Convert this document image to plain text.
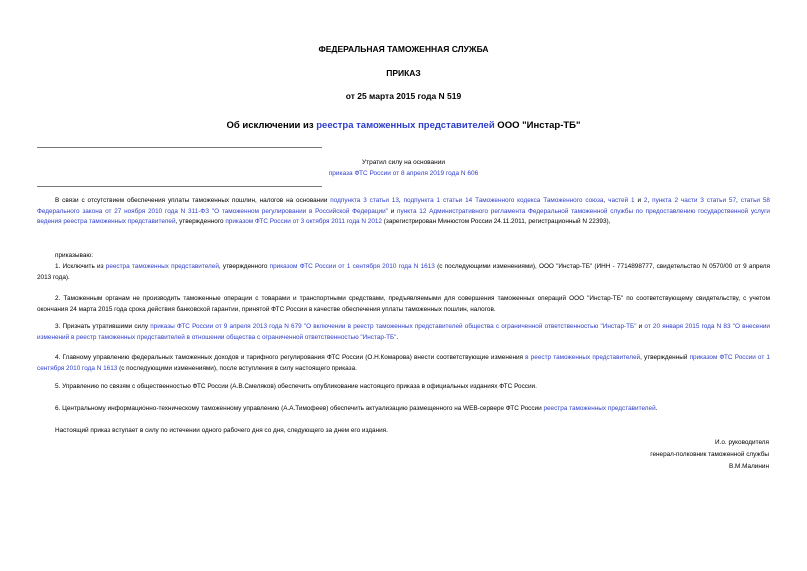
ФЕДЕРАЛЬНАЯ ТАМОЖЕННАЯ СЛУЖБА
ПРИКАЗ
от 25 марта 2015 года N 519
Об исключении из реестра таможенных представителей ООО "Инстар-ТБ"
Утратил силу на основании
приказа ФТС России от 8 апреля 2019 года N 606
В связи с отсутствием обеспечения уплаты таможенных пошлин, налогов на основании подпункта 3 статьи 13, подпункта 1 статьи 14 Таможенного кодекса Таможенного союза, частей 1 и 2, пункта 2 части 3 статьи 57, статьи 58 Федерального закона от 27 ноября 2010 года N 311-ФЗ "О таможенном регулировании в Российской Федерации" и пункта 12 Административного регламента Федеральной таможенной службы по предоставлению государственной услуги ведения реестра таможенных представителей, утвержденного приказом ФТС России от 3 октября 2011 года N 2012 (зарегистрирован Минюстом России 24.11.2011, регистрационный N 22393),
приказываю:
1. Исключить из реестра таможенных представителей, утвержденного приказом ФТС России от 1 сентября 2010 года N 1613 (с последующими изменениями), ООО "Инстар-ТБ" (ИНН - 7714898777, свидетельство N 0570/00 от 9 апреля 2013 года).
2. Таможенным органам не производить таможенные операции с товарами и транспортными средствами, предъявляемыми для совершения таможенных операций ООО "Инстар-ТБ" по соответствующему свидетельству, с учетом окончания 24 марта 2015 года срока действия банковской гарантии, принятой ФТС России в качестве обеспечения уплаты таможенных пошлин, налогов.
3. Признать утратившими силу приказы ФТС России от 9 апреля 2013 года N 679 "О включении в реестр таможенных представителей общества с ограниченной ответственностью "Инстар-ТБ" и от 20 января 2015 года N 83 "О внесении изменений в реестр таможенных представителей в отношении общества с ограниченной ответственностью "Инстар-ТБ".
4. Главному управлению федеральных таможенных доходов и тарифного регулирования ФТС России (О.Н.Комарова) внести соответствующие изменения в реестр таможенных представителей, утвержденный приказом ФТС России от 1 сентября 2010 года N 1613 (с последующими изменениями), после вступления в силу настоящего приказа.
5. Управлению по связям с общественностью ФТС России (А.В.Смеляков) обеспечить опубликование настоящего приказа в официальных изданиях ФТС России.
6. Центральному информационно-техническому таможенному управлению (А.А.Тимофеев) обеспечить актуализацию размещенного на WEB-сервере ФТС России реестра таможенных представителей.
Настоящий приказ вступает в силу по истечении одного рабочего дня со дня, следующего за днем его издания.
И.о. руководителя
генерал-полковник таможенной службы
В.М.Малинин
